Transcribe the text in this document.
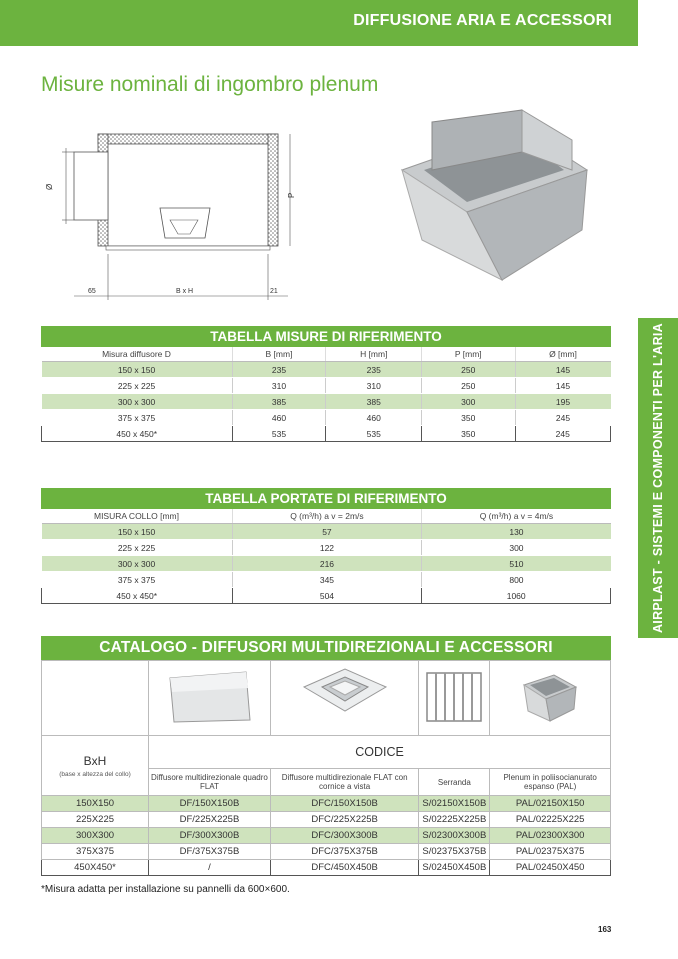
DIFFUSIONE ARIA E ACCESSORI
AIRPLAST - SISTEMI E COMPONENTI PER L'ARIA
Misure nominali di ingombro plenum
Ø
P
65	B x H	21
TABELLA MISURE DI RIFERIMENTO
Misura diffusore D	B [mm]	H [mm]	P [mm]	Ø [mm]
150 x 150	235	235	250	145
225 x 225	310	310	250	145
300 x 300	385	385	300	195
375 x 375	460	460	350	245
450 x 450*	535	535	350	245
TABELLA PORTATE DI RIFERIMENTO
MISURA COLLO [mm]	Q (m³/h) a v = 2m/s	Q (m³/h) a v = 4m/s
150 x 150	57	130
225 x 225	122	300
300 x 300	216	510
375 x 375	345	800
450 x 450*	504	1060
CATALOGO - DIFFUSORI MULTIDIREZIONALI E ACCESSORI

BxH
(base x altezza del collo)	CODICE			
	Diffusore multidirezionale quadro FLAT	Diffusore multidirezionale FLAT con cornice a vista	Serranda	Plenum in poliisocianurato espanso (PAL)
150X150	DF/150X150B	DFC/150X150B	S/02150X150B	PAL/02150X150
225X225	DF/225X225B	DFC/225X225B	S/02225X225B	PAL/02225X225
300X300	DF/300X300B	DFC/300X300B	S/02300X300B	PAL/02300X300
375X375	DF/375X375B	DFC/375X375B	S/02375X375B	PAL/02375X375
450X450*	/	DFC/450X450B	S/02450X450B	PAL/02450X450

*Misura adatta per installazione su pannelli da 600×600.

163
